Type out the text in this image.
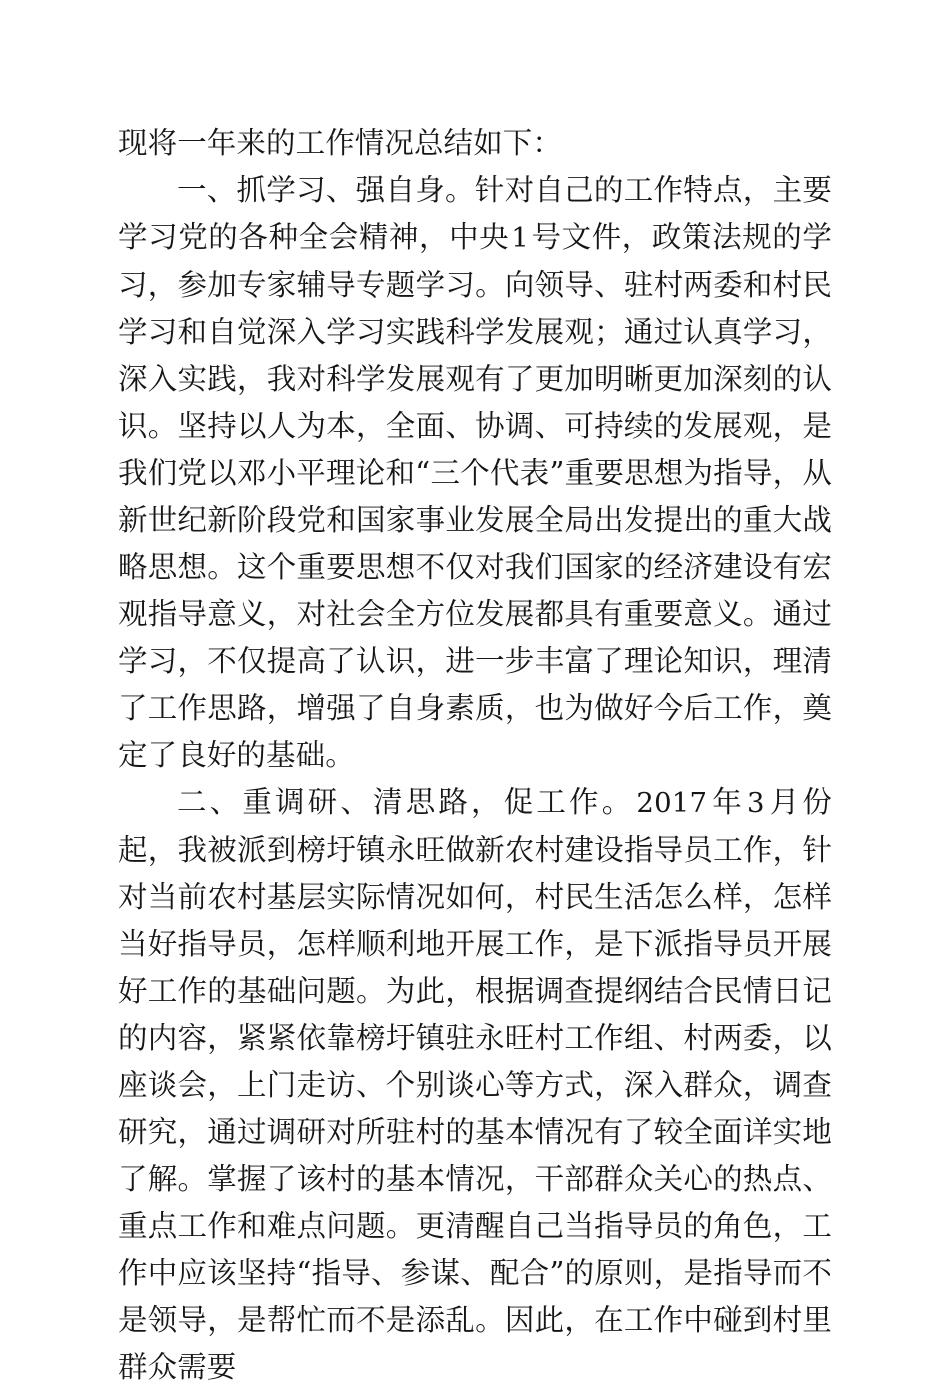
现将一年来的工作情况总结如下：

一、抓学习、强自身。针对自己的工作特点，主要学习党的各种全会精神，中央1号文件，政策法规的学习，参加专家辅导专题学习。向领导、驻村两委和村民学习和自觉深入学习实践科学发展观；通过认真学习，深入实践，我对科学发展观有了更加明晰更加深刻的认识。坚持以人为本，全面、协调、可持续的发展观，是我们党以邓小平理论和“三个代表”重要思想为指导，从新世纪新阶段党和国家事业发展全局出发提出的重大战略思想。这个重要思想不仅对我们国家的经济建设有宏观指导意义，对社会全方位发展都具有重要意义。通过学习，不仅提高了认识，进一步丰富了理论知识，理清了工作思路，增强了自身素质，也为做好今后工作，奠定了良好的基础。

二、重调研、清思路，促工作。2017年3月份起，我被派到榜圩镇永旺做新农村建设指导员工作，针对当前农村基层实际情况如何，村民生活怎么样，怎样当好指导员，怎样顺利地开展工作，是下派指导员开展好工作的基础问题。为此，根据调查提纲结合民情日记的内容，紧紧依靠榜圩镇驻永旺村工作组、村两委，以座谈会，上门走访、个别谈心等方式，深入群众，调查研究，通过调研对所驻村的基本情况有了较全面详实地了解。掌握了该村的基本情况，干部群众关心的热点、重点工作和难点问题。更清醒自己当指导员的角色，工作中应该坚持“指导、参谋、配合”的原则，是指导而不是领导，是帮忙而不是添乱。因此，在工作中碰到村里群众需要
